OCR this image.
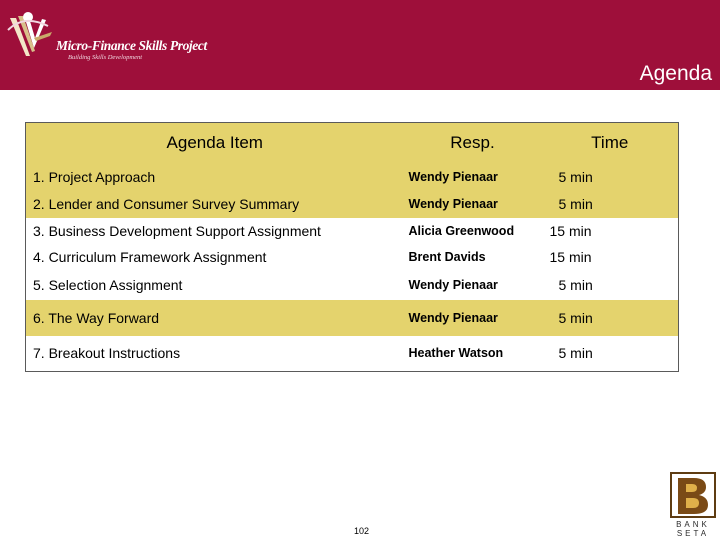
Micro-Finance Skills Project
Building Skills Development
Agenda
Agenda Item	Resp.	Time
1. Project Approach	Wendy Pienaar	5 min
2. Lender and Consumer Survey Summary	Wendy Pienaar	5 min
3. Business Development Support Assignment	Alicia Greenwood	15 min
4. Curriculum Framework Assignment	Brent Davids	15 min
5. Selection Assignment	Wendy Pienaar	5 min
6. The Way Forward	Wendy Pienaar	5 min
7. Breakout Instructions	Heather Watson	5 min
102
BANK
SETA
